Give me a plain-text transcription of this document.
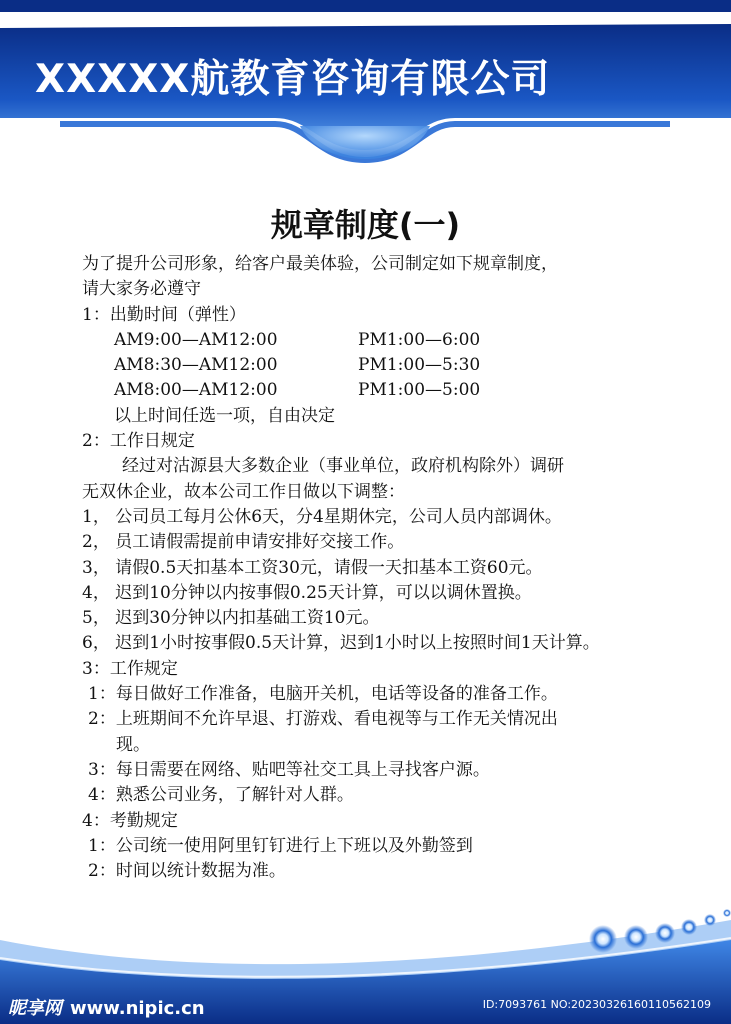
XXXXX航教育咨询有限公司
规章制度(一)
为了提升公司形象，给客户最美体验，公司制定如下规章制度，
请大家务必遵守
1：出勤时间（弹性）
AM9:00—AM12:00	PM1:00—6:00
AM8:30—AM12:00	PM1:00—5:30
AM8:00—AM12:00	PM1:00—5:00
以上时间任选一项，自由决定
2：工作日规定
经过对沽源县大多数企业（事业单位，政府机构除外）调研
无双休企业，故本公司工作日做以下调整：
1， 公司员工每月公休6天，分4星期休完，公司人员内部调休。
2， 员工请假需提前申请安排好交接工作。
3， 请假0.5天扣基本工资30元，请假一天扣基本工资60元。
4， 迟到10分钟以内按事假0.25天计算，可以以调休置换。
5， 迟到30分钟以内扣基础工资10元。
6， 迟到1小时按事假0.5天计算，迟到1小时以上按照时间1天计算。
3：工作规定
1：每日做好工作准备，电脑开关机，电话等设备的准备工作。
2：上班期间不允许早退、打游戏、看电视等与工作无关情况出
现。
3：每日需要在网络、贴吧等社交工具上寻找客户源。
4：熟悉公司业务，了解针对人群。
4：考勤规定
1：公司统一使用阿里钉钉进行上下班以及外勤签到
2：时间以统计数据为准。
昵享网 www.nipic.cn	ID:7093761 NO:20230326160110562109
